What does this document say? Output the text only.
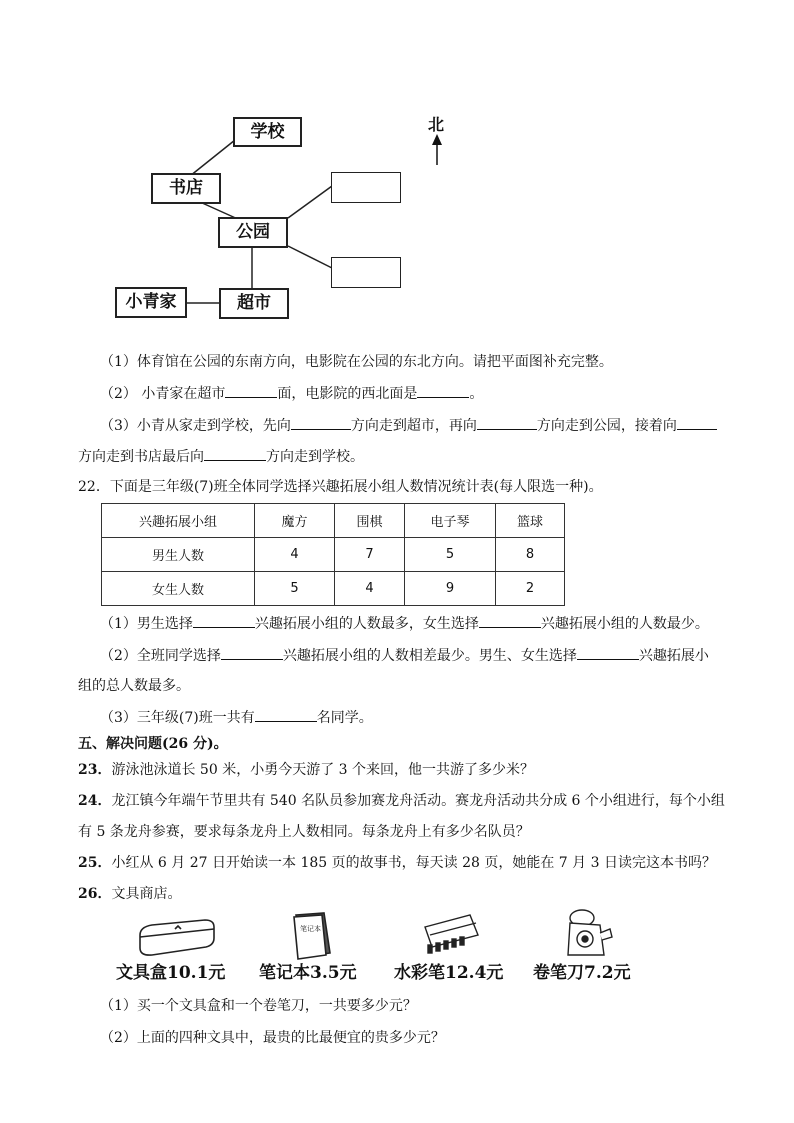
北
学校
书店
公园
小青家	超市
（1）体育馆在公园的东南方向，电影院在公园的东北方向。请把平面图补充完整。
（2） 小青家在超市	面，电影院的西北面是	。
（3）小青从家走到学校，先向	方向走到超市，再向	方向走到公园，接着向
方向走到书店最后向	方向走到学校。
22．下面是三年级(7)班全体同学选择兴趣拓展小组人数情况统计表(每人限选一种)。
兴趣拓展小组	魔方	围棋	电子琴	篮球
男生人数	4	7	5	8
女生人数	5	4	9	2
（1）男生选择	兴趣拓展小组的人数最多，女生选择	兴趣拓展小组的人数最少。
（2）全班同学选择	兴趣拓展小组的人数相差最少。男生、女生选择	兴趣拓展小
组的总人数最多。
（3）三年级(7)班一共有	名同学。
五、解决问题(26 分)。
23．游泳池泳道长 50 米，小勇今天游了 3 个来回，他一共游了多少米？
24．龙江镇今年端午节里共有 540 名队员参加赛龙舟活动。赛龙舟活动共分成 6 个小组进行，每个小组
有 5 条龙舟参赛，要求每条龙舟上人数相同。每条龙舟上有多少名队员？
25．小红从 6 月 27 日开始读一本 185 页的故事书，每天读 28 页，她能在 7 月 3 日读完这本书吗？
26．文具商店。
笔记本
文具盒10.1元 笔记本3.5元 水彩笔12.4元 卷笔刀7.2元
（1）买一个文具盒和一个卷笔刀，一共要多少元？
（2）上面的四种文具中，最贵的比最便宜的贵多少元？
